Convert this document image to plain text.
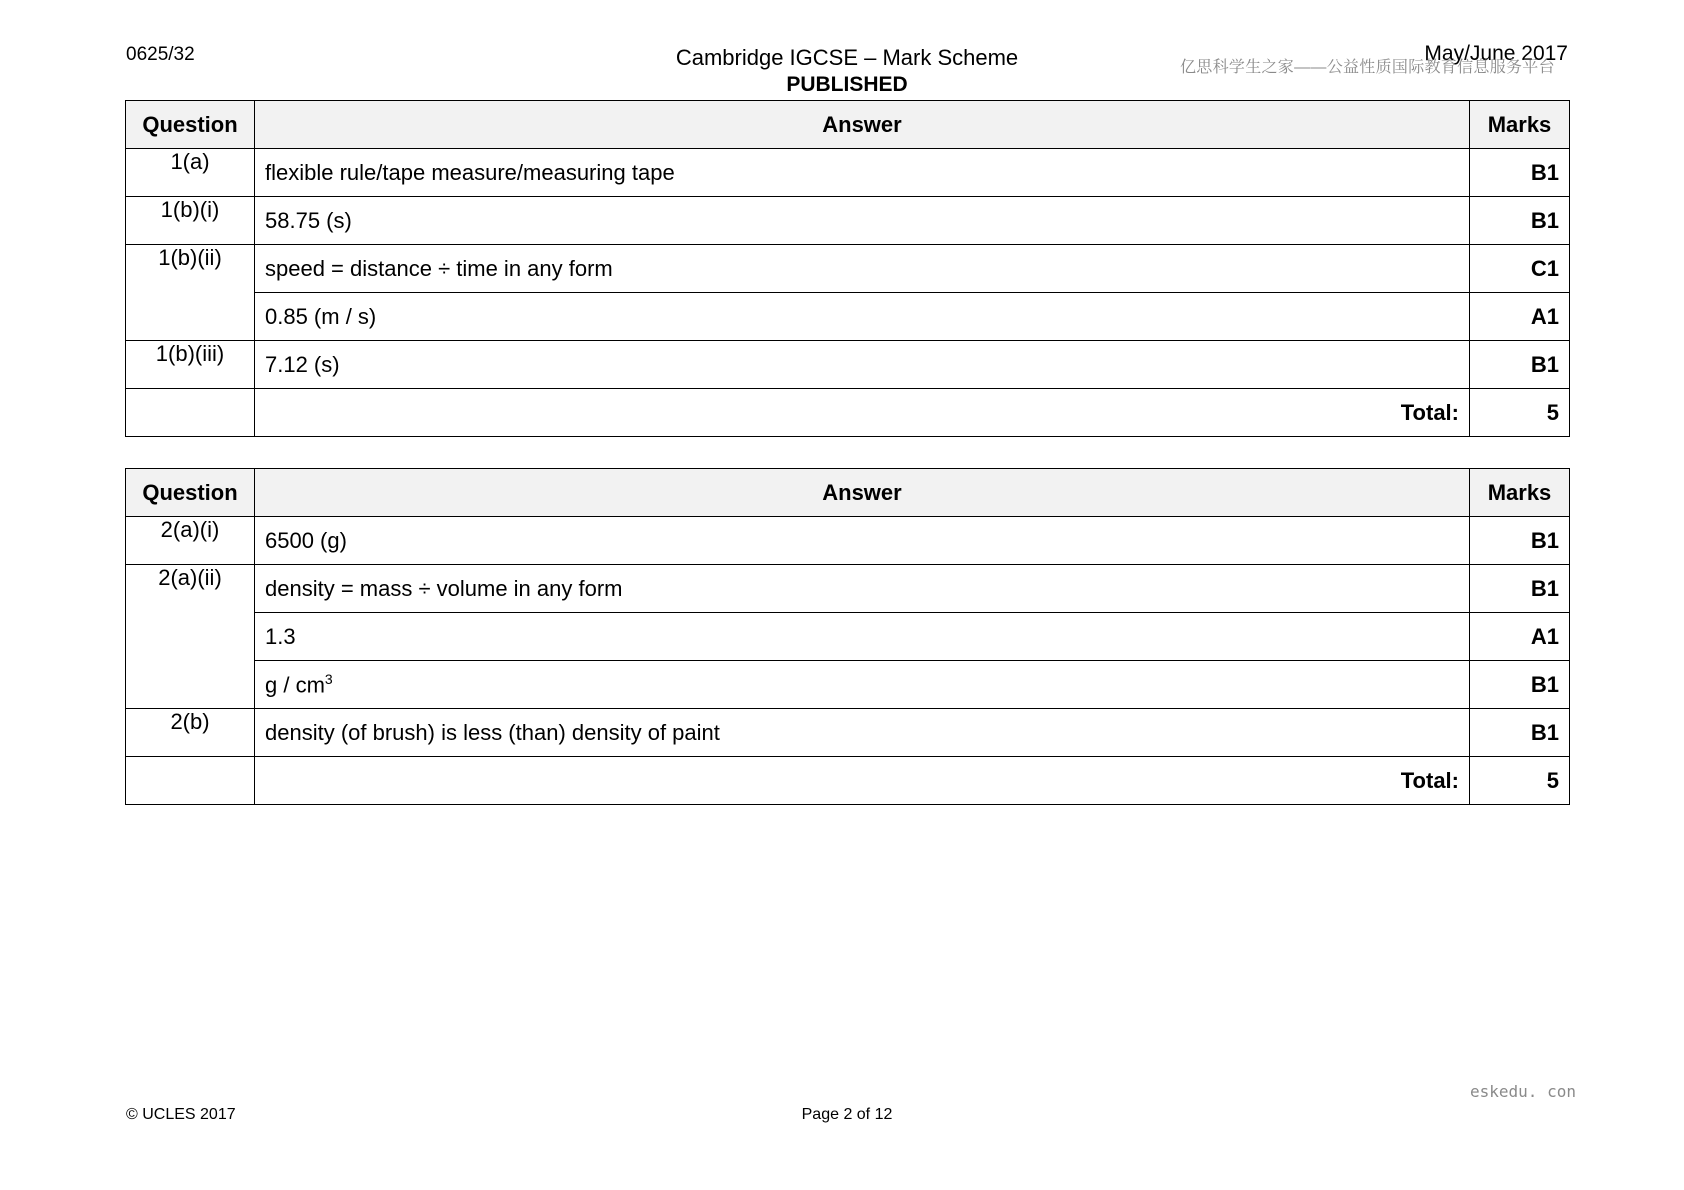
0625/32	Cambridge IGCSE – Mark Scheme
PUBLISHED
May/June 2017
亿思科学生之家——公益性质国际教育信息服务平台
Question	Answer	Marks
1(a)	flexible rule/tape measure/measuring tape	B1
1(b)(i)	58.75 (s)	B1
1(b)(ii)	speed = distance ÷ time in any form	C1
	0.85 (m / s)	A1
1(b)(iii)	7.12 (s)	B1
	Total:	5
Question	Answer	Marks
2(a)(i)	6500 (g)	B1
2(a)(ii)	density = mass ÷ volume in any form	B1
	1.3	A1
	g / $cm^3$	B1
2(b)	density (of brush) is less (than) density of paint	B1
	Total:	5
eskedu. con
© UCLES 2017	Page 2 of 12
